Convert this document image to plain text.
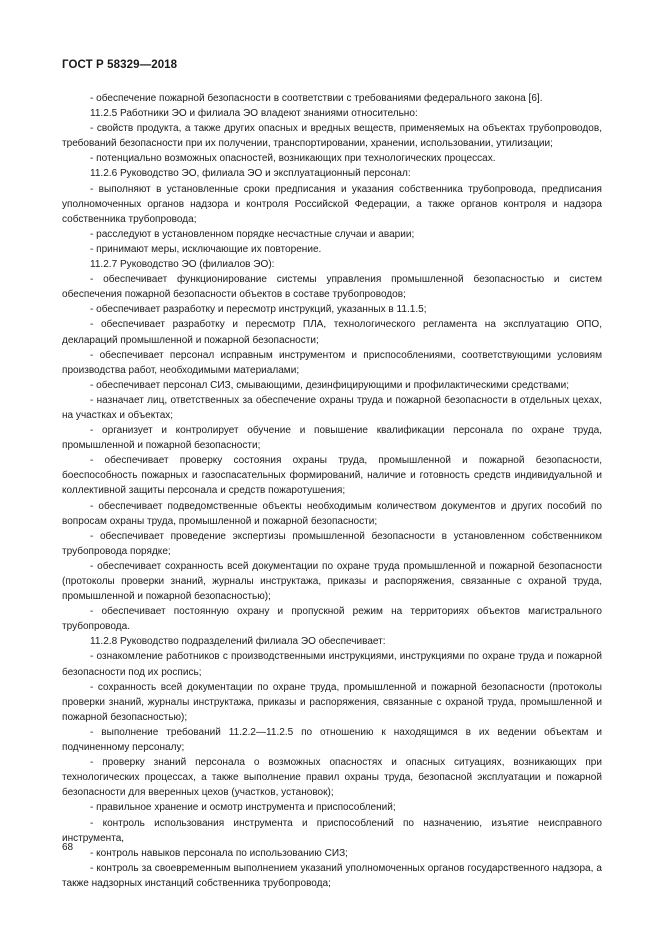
ГОСТ Р 58329—2018

- обеспечение пожарной безопасности в соответствии с требованиями федерального закона [6].

11.2.5 Работники ЭО и филиала ЭО владеют знаниями относительно:

- свойств продукта, а также других опасных и вредных веществ, применяемых на объектах трубопроводов, требований безопасности при их получении, транспортировании, хранении, использовании, утилизации;

- потенциально возможных опасностей, возникающих при технологических процессах.

11.2.6 Руководство ЭО, филиала ЭО и эксплуатационный персонал:

- выполняют в установленные сроки предписания и указания собственника трубопровода, предписания уполномоченных органов надзора и контроля Российской Федерации, а также органов контроля и надзора собственника трубопровода;

- расследуют в установленном порядке несчастные случаи и аварии;

- принимают меры, исключающие их повторение.

11.2.7 Руководство ЭО (филиалов ЭО):

- обеспечивает функционирование системы управления промышленной безопасностью и систем обеспечения пожарной безопасности объектов в составе трубопроводов;

- обеспечивает разработку и пересмотр инструкций, указанных в 11.1.5;

- обеспечивает разработку и пересмотр ПЛА, технологического регламента на эксплуатацию ОПО, деклараций промышленной и пожарной безопасности;

- обеспечивает персонал исправным инструментом и приспособлениями, соответствующими условиям производства работ, необходимыми материалами;

- обеспечивает персонал СИЗ, смывающими, дезинфицирующими и профилактическими средствами;

- назначает лиц, ответственных за обеспечение охраны труда и пожарной безопасности в отдельных цехах, на участках и объектах;

- организует и контролирует обучение и повышение квалификации персонала по охране труда, промышленной и пожарной безопасности;

- обеспечивает проверку состояния охраны труда, промышленной и пожарной безопасности, боеспособность пожарных и газоспасательных формирований, наличие и готовность средств индивидуальной и коллективной защиты персонала и средств пожаротушения;

- обеспечивает подведомственные объекты необходимым количеством документов и других пособий по вопросам охраны труда, промышленной и пожарной безопасности;

- обеспечивает проведение экспертизы промышленной безопасности в установленном собственником трубопровода порядке;

- обеспечивает сохранность всей документации по охране труда промышленной и пожарной безопасности (протоколы проверки знаний, журналы инструктажа, приказы и распоряжения, связанные с охраной труда, промышленной и пожарной безопасностью);

- обеспечивает постоянную охрану и пропускной режим на территориях объектов магистрального трубопровода.

11.2.8 Руководство подразделений филиала ЭО обеспечивает:

- ознакомление работников с производственными инструкциями, инструкциями по охране труда и пожарной безопасности под их роспись;

- сохранность всей документации по охране труда, промышленной и пожарной безопасности (протоколы проверки знаний, журналы инструктажа, приказы и распоряжения, связанные с охраной труда, промышленной и пожарной безопасностью);

- выполнение требований 11.2.2—11.2.5 по отношению к находящимся в их ведении объектам и подчиненному персоналу;

- проверку знаний персонала о возможных опасностях и опасных ситуациях, возникающих при технологических процессах, а также выполнение правил охраны труда, безопасной эксплуатации и пожарной безопасности для вверенных цехов (участков, установок);

- правильное хранение и осмотр инструмента и приспособлений;

- контроль использования инструмента и приспособлений по назначению, изъятие неисправного инструмента,

- контроль навыков персонала по использованию СИЗ;

- контроль за своевременным выполнением указаний уполномоченных органов государственного надзора, а также надзорных инстанций собственника трубопровода;

68
